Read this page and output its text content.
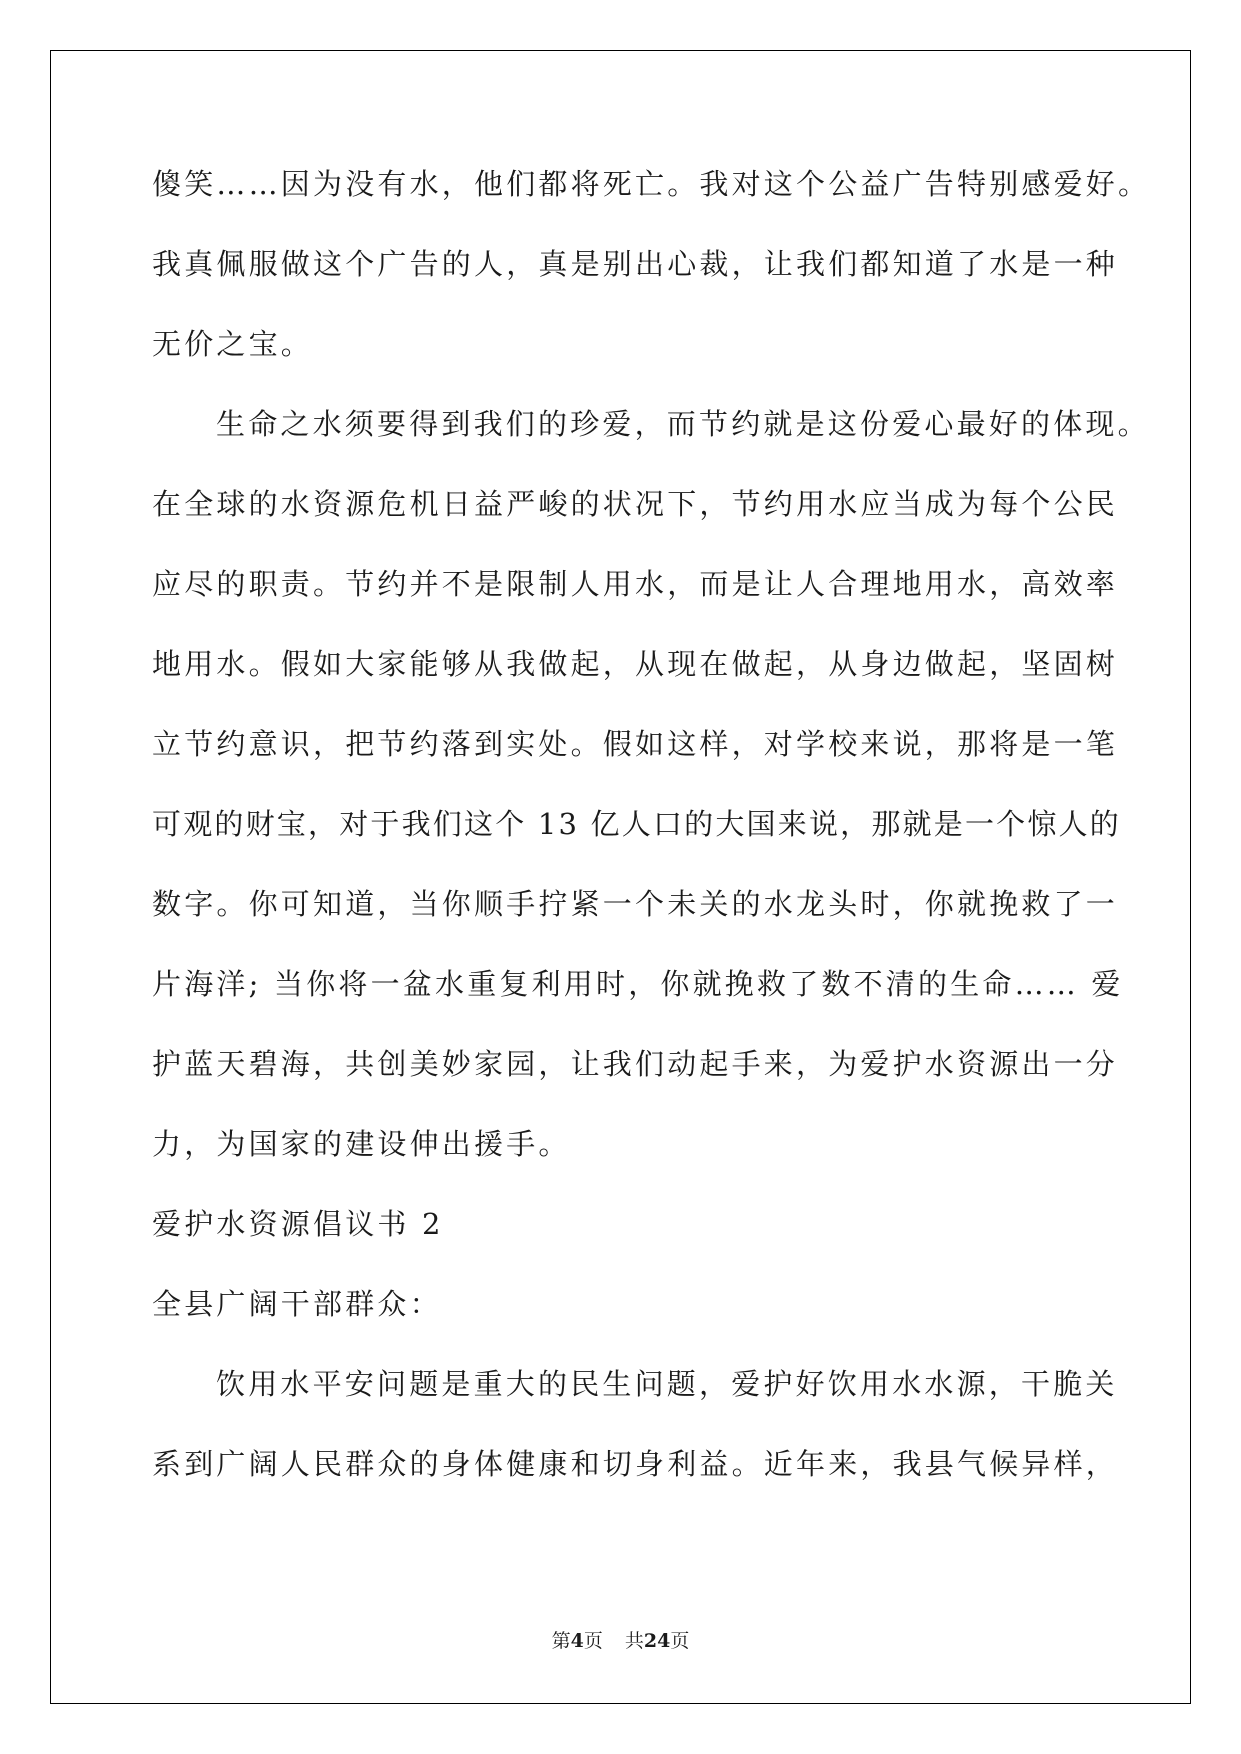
傻笑……因为没有水，他们都将死亡。我对这个公益广告特别感爱好。
我真佩服做这个广告的人，真是别出心裁，让我们都知道了水是一种
无价之宝。
生命之水须要得到我们的珍爱，而节约就是这份爱心最好的体现。
在全球的水资源危机日益严峻的状况下，节约用水应当成为每个公民
应尽的职责。节约并不是限制人用水，而是让人合理地用水，高效率
地用水。假如大家能够从我做起，从现在做起，从身边做起，坚固树
立节约意识，把节约落到实处。假如这样，对学校来说，那将是一笔
可观的财宝，对于我们这个 13 亿人口的大国来说，那就是一个惊人的
数字。你可知道，当你顺手拧紧一个未关的水龙头时，你就挽救了一
片海洋; 当你将一盆水重复利用时，你就挽救了数不清的生命…… 爱
护蓝天碧海，共创美妙家园，让我们动起手来，为爱护水资源出一分
力，为国家的建设伸出援手。
爱护水资源倡议书 2
全县广阔干部群众：
饮用水平安问题是重大的民生问题，爱护好饮用水水源，干脆关
系到广阔人民群众的身体健康和切身利益。近年来，我县气候异样，
第4页 共24页
